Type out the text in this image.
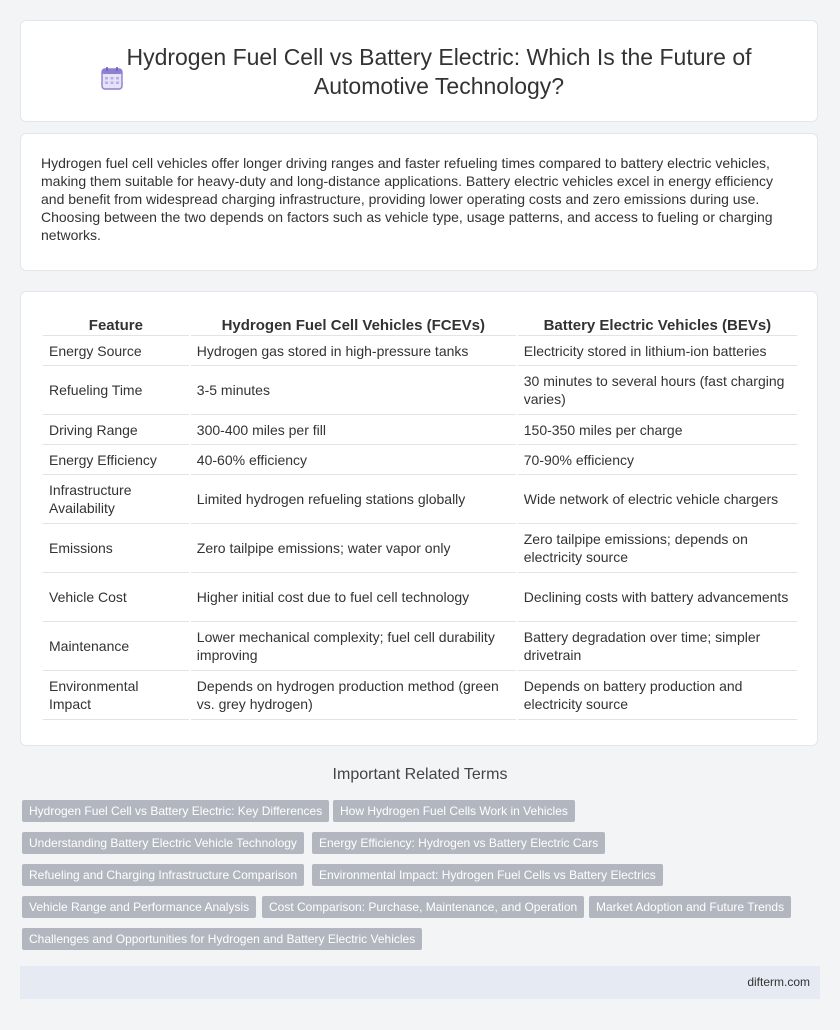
Hydrogen Fuel Cell vs Battery Electric: Which Is the Future of Automotive Technology?

Hydrogen fuel cell vehicles offer longer driving ranges and faster refueling times compared to battery electric vehicles, making them suitable for heavy-duty and long-distance applications. Battery electric vehicles excel in energy efficiency and benefit from widespread charging infrastructure, providing lower operating costs and zero emissions during use. Choosing between the two depends on factors such as vehicle type, usage patterns, and access to fueling or charging networks.

Feature	Hydrogen Fuel Cell Vehicles (FCEVs)	Battery Electric Vehicles (BEVs)
Energy Source	Hydrogen gas stored in high-pressure tanks	Electricity stored in lithium-ion batteries
Refueling Time	3-5 minutes	30 minutes to several hours (fast charging varies)
Driving Range	300-400 miles per fill	150-350 miles per charge
Energy Efficiency	40-60% efficiency	70-90% efficiency
Infrastructure Availability	Limited hydrogen refueling stations globally	Wide network of electric vehicle chargers
Emissions	Zero tailpipe emissions; water vapor only	Zero tailpipe emissions; depends on electricity source
Vehicle Cost	Higher initial cost due to fuel cell technology	Declining costs with battery advancements
Maintenance	Lower mechanical complexity; fuel cell durability improving	Battery degradation over time; simpler drivetrain
Environmental Impact	Depends on hydrogen production method (green vs. grey hydrogen)	Depends on battery production and electricity source
Important Related Terms
Hydrogen Fuel Cell vs Battery Electric: Key Differences	How Hydrogen Fuel Cells Work in Vehicles
Understanding Battery Electric Vehicle Technology	Energy Efficiency: Hydrogen vs Battery Electric Cars
Refueling and Charging Infrastructure Comparison	Environmental Impact: Hydrogen Fuel Cells vs Battery Electrics
Vehicle Range and Performance Analysis	Cost Comparison: Purchase, Maintenance, and Operation	Market Adoption and Future Trends
Challenges and Opportunities for Hydrogen and Battery Electric Vehicles
difterm.com
